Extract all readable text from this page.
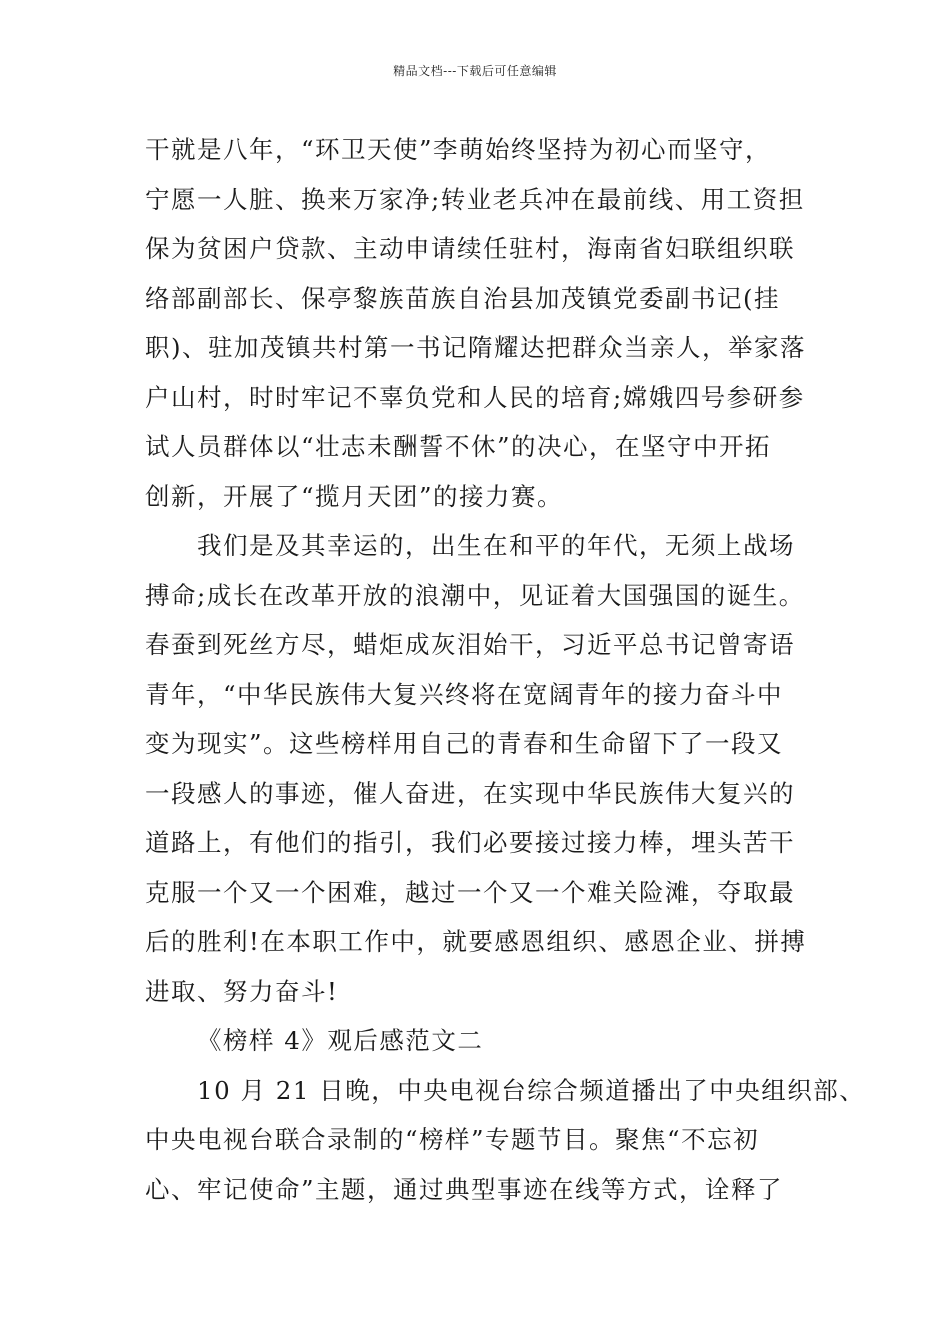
精品文档---下载后可任意编辑
干就是八年，“环卫天使”李萌始终坚持为初心而坚守，
宁愿一人脏、换来万家净;转业老兵冲在最前线、用工资担
保为贫困户贷款、主动申请续任驻村，海南省妇联组织联
络部副部长、保亭黎族苗族自治县加茂镇党委副书记(挂
职)、驻加茂镇共村第一书记隋耀达把群众当亲人，举家落
户山村，时时牢记不辜负党和人民的培育;嫦娥四号参研参
试人员群体以“壮志未酬誓不休”的决心，在坚守中开拓
创新，开展了“揽月天团”的接力赛。
我们是及其幸运的，出生在和平的年代，无须上战场
搏命;成长在改革开放的浪潮中，见证着大国强国的诞生。
春蚕到死丝方尽，蜡炬成灰泪始干，习近平总书记曾寄语
青年，“中华民族伟大复兴终将在宽阔青年的接力奋斗中
变为现实”。这些榜样用自己的青春和生命留下了一段又
一段感人的事迹，催人奋进，在实现中华民族伟大复兴的
道路上，有他们的指引，我们必要接过接力棒，埋头苦干
克服一个又一个困难，越过一个又一个难关险滩，夺取最
后的胜利!在本职工作中，就要感恩组织、感恩企业、拼搏
进取、努力奋斗!
《榜样 4》观后感范文二
10 月 21 日晚，中央电视台综合频道播出了中央组织部、
中央电视台联合录制的“榜样”专题节目。聚焦“不忘初
心、牢记使命”主题，通过典型事迹在线等方式，诠释了
